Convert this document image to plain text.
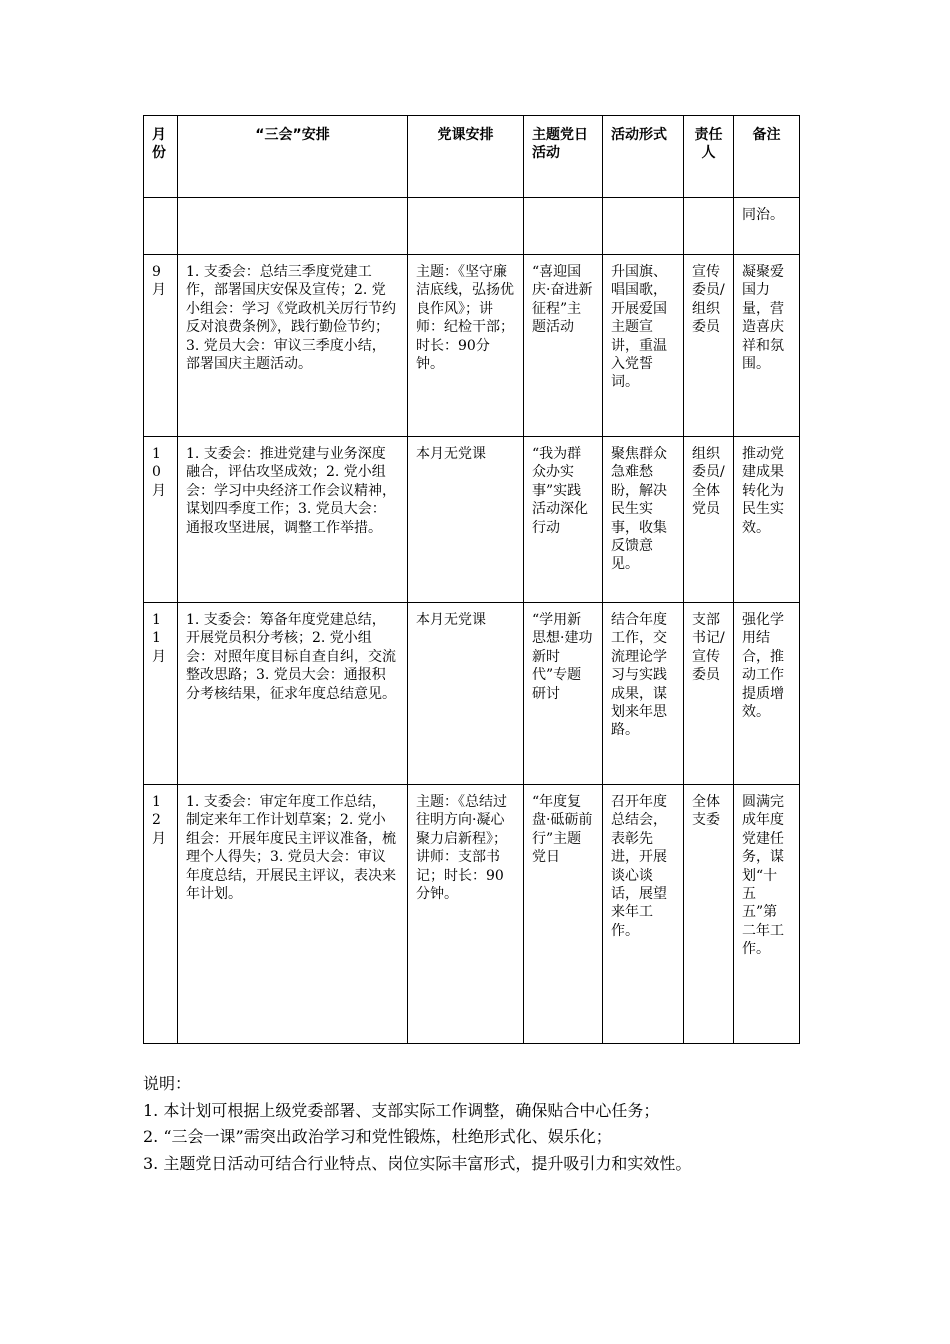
月份	“三会”安排	党课安排	主题党日活动	活动形式	责任人	备注
						同治。
9月	1. 支委会：总结三季度党建工作，部署国庆安保及宣传；2. 党小组会：学习《党政机关厉行节约反对浪费条例》，践行勤俭节约；3. 党员大会：审议三季度小结，部署国庆主题活动。	主题：《坚守廉洁底线，弘扬优良作风》；讲师：纪检干部；时长：90分钟。	“喜迎国庆·奋进新征程”主题活动	升国旗、唱国歌，开展爱国主题宣讲，重温入党誓词。	宣传委员/组织委员	凝聚爱国力量，营造喜庆祥和氛围。
10月	1. 支委会：推进党建与业务深度融合，评估攻坚成效；2. 党小组会：学习中央经济工作会议精神，谋划四季度工作；3. 党员大会：通报攻坚进展，调整工作举措。	本月无党课	“我为群众办实事”实践活动深化行动	聚焦群众急难愁盼，解决民生实事，收集反馈意见。	组织委员/全体党员	推动党建成果转化为民生实效。
11月	1. 支委会：筹备年度党建总结，开展党员积分考核；2. 党小组会：对照年度目标自查自纠，交流整改思路；3. 党员大会：通报积分考核结果，征求年度总结意见。	本月无党课	“学用新思想·建功新时代”专题研讨	结合年度工作，交流理论学习与实践成果，谋划来年思路。	支部书记/宣传委员	强化学用结合，推动工作提质增效。
12月	1. 支委会：审定年度工作总结，制定来年工作计划草案；2. 党小组会：开展年度民主评议准备，梳理个人得失；3. 党员大会：审议年度总结，开展民主评议，表决来年计划。	主题：《总结过往明方向·凝心聚力启新程》；讲师：支部书记；时长：90分钟。	“年度复盘·砥砺前行”主题党日	召开年度总结会，表彰先进，开展谈心谈话，展望来年工作。	全体支委	圆满完成年度党建任务，谋划“十五五”第二年工作。
说明：
1. 本计划可根据上级党委部署、支部实际工作调整，确保贴合中心任务；
2. “三会一课”需突出政治学习和党性锻炼，杜绝形式化、娱乐化；
3. 主题党日活动可结合行业特点、岗位实际丰富形式，提升吸引力和实效性。
